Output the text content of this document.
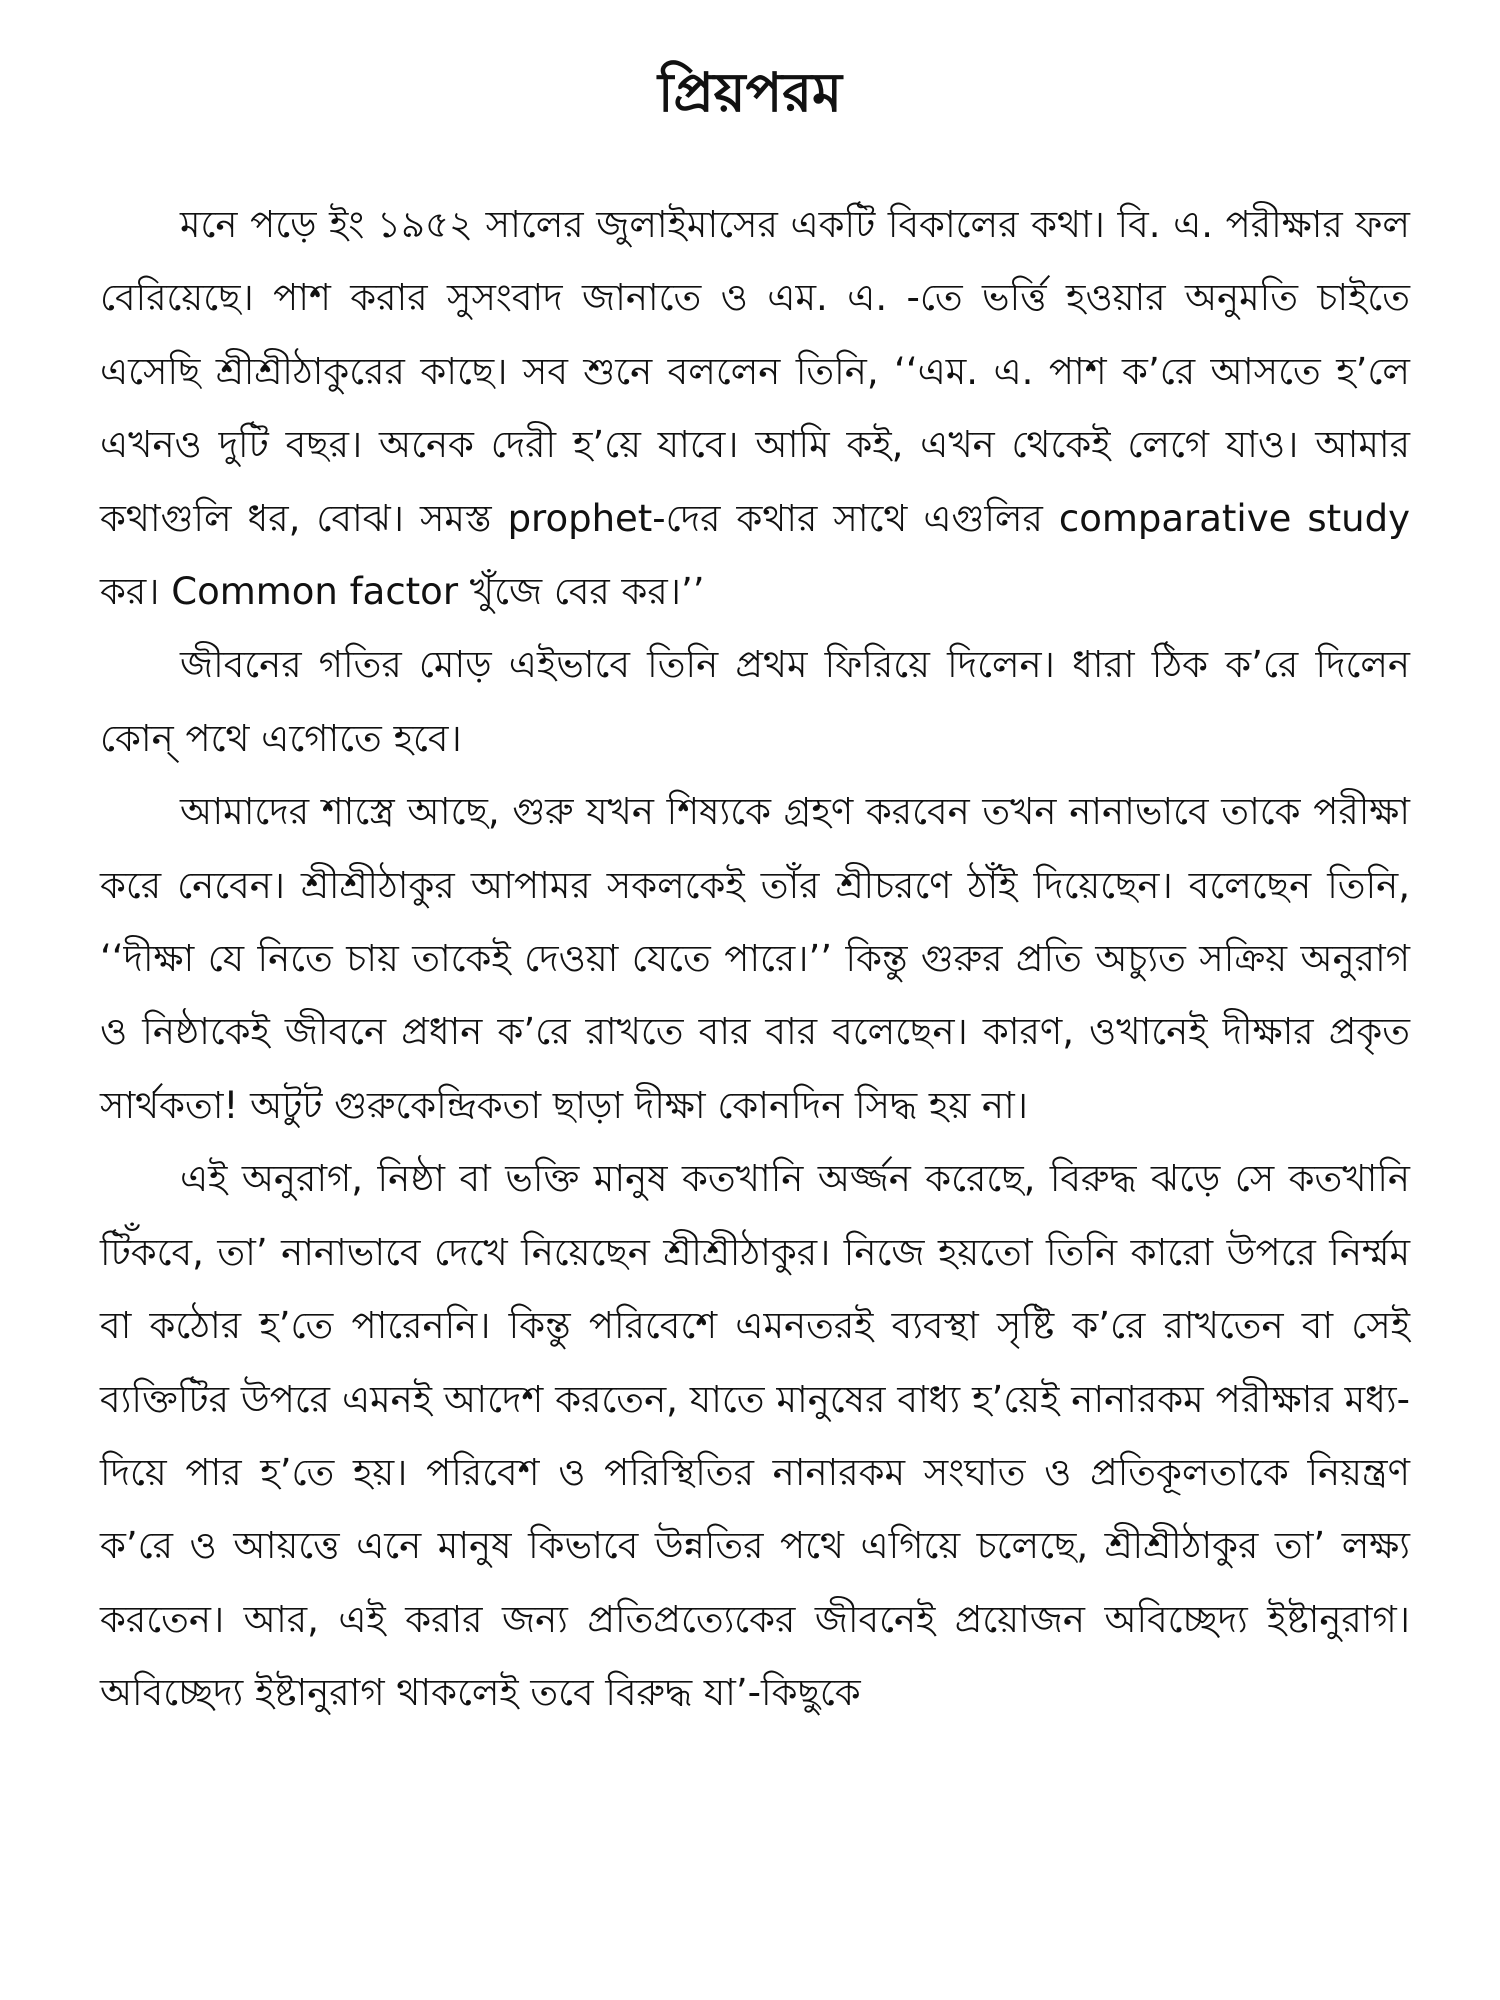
প্রিয়পরম

মনে পড়ে ইং ১৯৫২ সালের জুলাইমাসের একটি বিকালের কথা। বি. এ. পরীক্ষার ফল বেরিয়েছে। পাশ করার সুসংবাদ জানাতে ও এম. এ. -তে ভর্ত্তি হওয়ার অনুমতি চাইতে এসেছি শ্রীশ্রীঠাকুরের কাছে। সব শুনে বললেন তিনি, ‘‘এম. এ. পাশ ক’রে আসতে হ’লে এখনও দুটি বছর। অনেক দেরী হ’য়ে যাবে। আমি কই, এখন থেকেই লেগে যাও। আমার কথাগুলি ধর, বোঝ। সমস্ত prophet-দের কথার সাথে এগুলির comparative study কর। Common factor খুঁজে বের কর।’’

জীবনের গতির মোড় এইভাবে তিনি প্রথম ফিরিয়ে দিলেন। ধারা ঠিক ক’রে দিলেন কোন্ পথে এগোতে হবে।

আমাদের শাস্ত্রে আছে, গুরু যখন শিষ্যকে গ্রহণ করবেন তখন নানাভাবে তাকে পরীক্ষা করে নেবেন। শ্রীশ্রীঠাকুর আপামর সকলকেই তাঁর শ্রীচরণে ঠাঁই দিয়েছেন। বলেছেন তিনি, ‘‘দীক্ষা যে নিতে চায় তাকেই দেওয়া যেতে পারে।’’ কিন্তু গুরুর প্রতি অচ্যুত সক্রিয় অনুরাগ ও নিষ্ঠাকেই জীবনে প্রধান ক’রে রাখতে বার বার বলেছেন। কারণ, ওখানেই দীক্ষার প্রকৃত সার্থকতা! অটুট গুরুকেন্দ্রিকতা ছাড়া দীক্ষা কোনদিন সিদ্ধ হয় না।

এই অনুরাগ, নিষ্ঠা বা ভক্তি মানুষ কতখানি অর্জ্জন করেছে, বিরুদ্ধ ঝড়ে সে কতখানি টিঁকবে, তা’ নানাভাবে দেখে নিয়েছেন শ্রীশ্রীঠাকুর। নিজে হয়তো তিনি কারো উপরে নির্ম্মম বা কঠোর হ’তে পারেননি। কিন্তু পরিবেশে এমনতরই ব্যবস্থা সৃষ্টি ক’রে রাখতেন বা সেই ব্যক্তিটির উপরে এমনই আদেশ করতেন, যাতে মানুষের বাধ্য হ’য়েই নানারকম পরীক্ষার মধ্য-দিয়ে পার হ’তে হয়। পরিবেশ ও পরিস্থিতির নানারকম সংঘাত ও প্রতিকূলতাকে নিয়ন্ত্রণ ক’রে ও আয়ত্তে এনে মানুষ কিভাবে উন্নতির পথে এগিয়ে চলেছে, শ্রীশ্রীঠাকুর তা’ লক্ষ্য করতেন। আর, এই করার জন্য প্রতিপ্রত্যেকের জীবনেই প্রয়োজন অবিচ্ছেদ্য ইষ্টানুরাগ। অবিচ্ছেদ্য ইষ্টানুরাগ থাকলেই তবে বিরুদ্ধ যা’-কিছুকে
